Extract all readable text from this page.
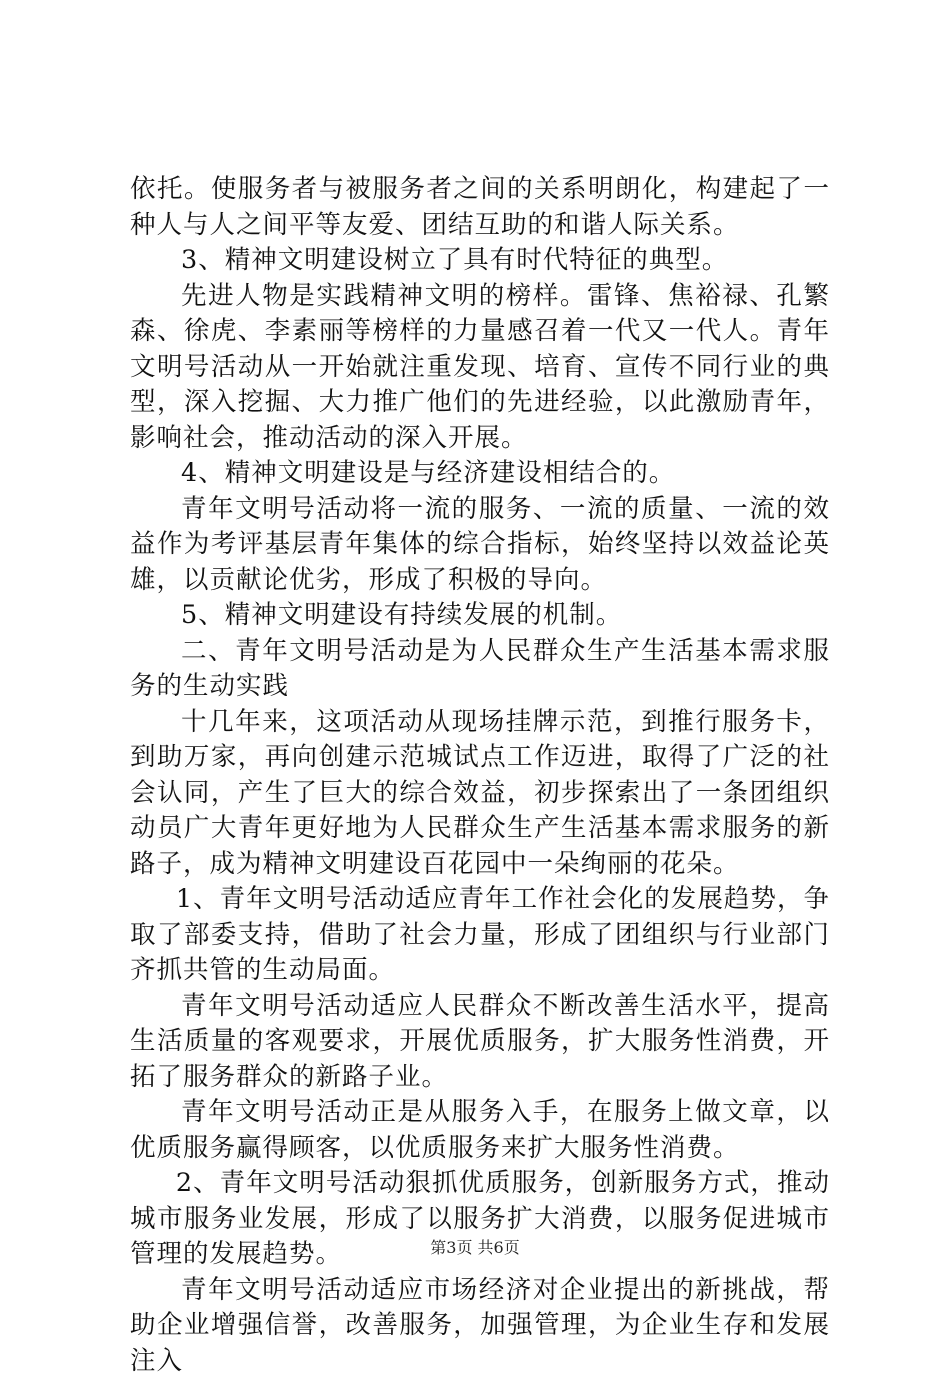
依托。使服务者与被服务者之间的关系明朗化，构建起了一种人与人之间平等友爱、团结互助的和谐人际关系。

3、精神文明建设树立了具有时代特征的典型。

先进人物是实践精神文明的榜样。雷锋、焦裕禄、孔繁森、徐虎、李素丽等榜样的力量感召着一代又一代人。青年文明号活动从一开始就注重发现、培育、宣传不同行业的典型，深入挖掘、大力推广他们的先进经验，以此激励青年，影响社会，推动活动的深入开展。

4、精神文明建设是与经济建设相结合的。

青年文明号活动将一流的服务、一流的质量、一流的效益作为考评基层青年集体的综合指标，始终坚持以效益论英雄，以贡献论优劣，形成了积极的导向。

5、精神文明建设有持续发展的机制。

二、青年文明号活动是为人民群众生产生活基本需求服务的生动实践

十几年来，这项活动从现场挂牌示范，到推行服务卡，到助万家，再向创建示范城试点工作迈进，取得了广泛的社会认同，产生了巨大的综合效益，初步探索出了一条团组织动员广大青年更好地为人民群众生产生活基本需求服务的新路子，成为精神文明建设百花园中一朵绚丽的花朵。

1、青年文明号活动适应青年工作社会化的发展趋势，争取了部委支持，借助了社会力量，形成了团组织与行业部门齐抓共管的生动局面。

青年文明号活动适应人民群众不断改善生活水平，提高生活质量的客观要求，开展优质服务，扩大服务性消费，开拓了服务群众的新路子业。

青年文明号活动正是从服务入手，在服务上做文章，以优质服务赢得顾客，以优质服务来扩大服务性消费。

2、青年文明号活动狠抓优质服务，创新服务方式，推动城市服务业发展，形成了以服务扩大消费，以服务促进城市管理的发展趋势。

青年文明号活动适应市场经济对企业提出的新挑战，帮助企业增强信誉，改善服务，加强管理，为企业生存和发展注入

第3页 共6页
